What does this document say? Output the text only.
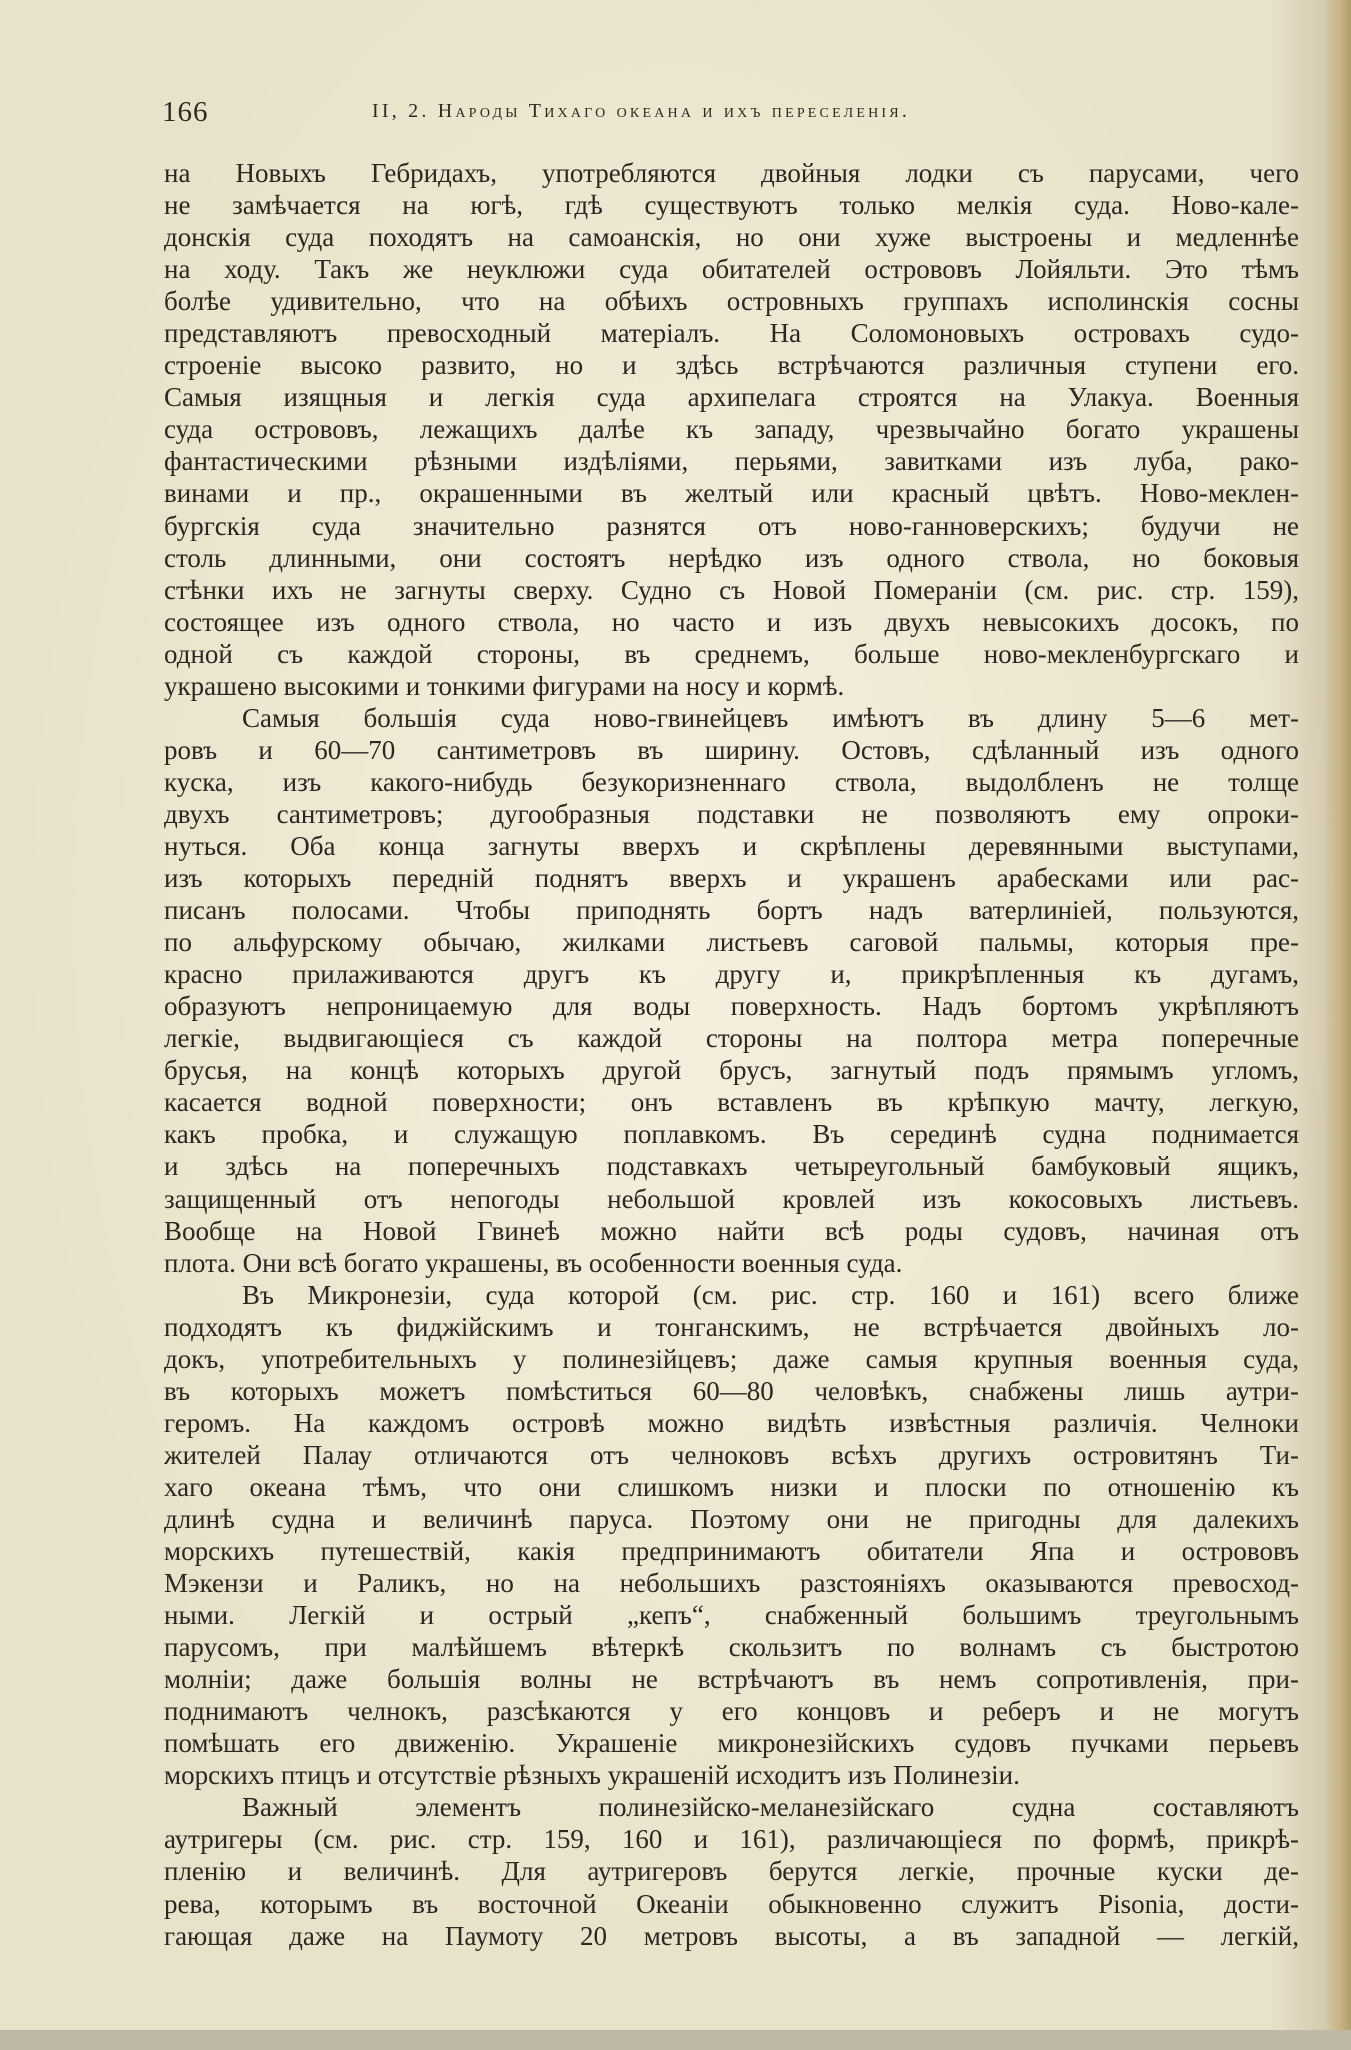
166	II, 2. Народы Тихаго океана и ихъ переселенія.
на Новыхъ Гебридахъ, употребляются двойныя лодки съ парусами, чего
не замѣчается на югѣ, гдѣ существуютъ только мелкія суда. Ново-кале-
донскія суда походятъ на самоанскія, но они хуже выстроены и медленнѣе
на ходу. Такъ же неуклюжи суда обитателей острововъ Лойяльти. Это тѣмъ
болѣе удивительно, что на обѣихъ островныхъ группахъ исполинскія сосны
представляютъ превосходный матеріалъ. На Соломоновыхъ островахъ судо-
строеніе высоко развито, но и здѣсь встрѣчаются различныя ступени его.
Самыя изящныя и легкія суда архипелага строятся на Улакуа. Военныя
суда острововъ, лежащихъ далѣе къ западу, чрезвычайно богато украшены
фантастическими рѣзными издѣліями, перьями, завитками изъ луба, рако-
винами и пр., окрашенными въ желтый или красный цвѣтъ. Ново-меклен-
бургскія суда значительно разнятся отъ ново-ганноверскихъ; будучи не
столь длинными, они состоятъ нерѣдко изъ одного ствола, но боковыя
стѣнки ихъ не загнуты сверху. Судно съ Новой Помераніи (см. рис. стр. 159),
состоящее изъ одного ствола, но часто и изъ двухъ невысокихъ досокъ, по
одной съ каждой стороны, въ среднемъ, больше ново-мекленбургскаго и
украшено высокими и тонкими фигурами на носу и кормѣ.
Самыя большія суда ново-гвинейцевъ имѣютъ въ длину 5—6 мет-
ровъ и 60—70 сантиметровъ въ ширину. Остовъ, сдѣланный изъ одного
куска, изъ какого-нибудь безукоризненнаго ствола, выдолбленъ не толще
двухъ сантиметровъ; дугообразныя подставки не позволяютъ ему опроки-
нуться. Оба конца загнуты вверхъ и скрѣплены деревянными выступами,
изъ которыхъ передній поднятъ вверхъ и украшенъ арабесками или рас-
писанъ полосами. Чтобы приподнять бортъ надъ ватерлиніей, пользуются,
по альфурскому обычаю, жилками листьевъ саговой пальмы, которыя пре-
красно прилаживаются другъ къ другу и, прикрѣпленныя къ дугамъ,
образуютъ непроницаемую для воды поверхность. Надъ бортомъ укрѣпляютъ
легкіе, выдвигающіеся съ каждой стороны на полтора метра поперечные
брусья, на концѣ которыхъ другой брусъ, загнутый подъ прямымъ угломъ,
касается водной поверхности; онъ вставленъ въ крѣпкую мачту, легкую,
какъ пробка, и служащую поплавкомъ. Въ серединѣ судна поднимается
и здѣсь на поперечныхъ подставкахъ четыреугольный бамбуковый ящикъ,
защищенный отъ непогоды небольшой кровлей изъ кокосовыхъ листьевъ.
Вообще на Новой Гвинеѣ можно найти всѣ роды судовъ, начиная отъ
плота. Они всѣ богато украшены, въ особенности военныя суда.
Въ Микронезіи, суда которой (см. рис. стр. 160 и 161) всего ближе
подходятъ къ фиджійскимъ и тонганскимъ, не встрѣчается двойныхъ ло-
докъ, употребительныхъ у полинезійцевъ; даже самыя крупныя военныя суда,
въ которыхъ можетъ помѣститься 60—80 человѣкъ, снабжены лишь аутри-
геромъ. На каждомъ островѣ можно видѣть извѣстныя различія. Челноки
жителей Палау отличаются отъ челноковъ всѣхъ другихъ островитянъ Ти-
хаго океана тѣмъ, что они слишкомъ низки и плоски по отношенію къ
длинѣ судна и величинѣ паруса. Поэтому они не пригодны для далекихъ
морскихъ путешествій, какія предпринимаютъ обитатели Япа и острововъ
Мэкензи и Раликъ, но на небольшихъ разстояніяхъ оказываются превосход-
ными. Легкій и острый „кепъ“, снабженный большимъ треугольнымъ
парусомъ, при малѣйшемъ вѣтеркѣ скользитъ по волнамъ съ быстротою
молніи; даже большія волны не встрѣчаютъ въ немъ сопротивленія, при-
поднимаютъ челнокъ, разсѣкаются у его концовъ и реберъ и не могутъ
помѣшать его движенію. Украшеніе микронезійскихъ судовъ пучками перьевъ
морскихъ птицъ и отсутствіе рѣзныхъ украшеній исходитъ изъ Полинезіи.
Важный элементъ полинезійско-меланезійскаго судна составляютъ
аутригеры (см. рис. стр. 159, 160 и 161), различающіеся по формѣ, прикрѣ-
пленію и величинѣ. Для аутригеровъ берутся легкіе, прочные куски де-
рева, которымъ въ восточной Океаніи обыкновенно служитъ Pisonia, дости-
гающая даже на Паумоту 20 метровъ высоты, а въ западной — легкій,
